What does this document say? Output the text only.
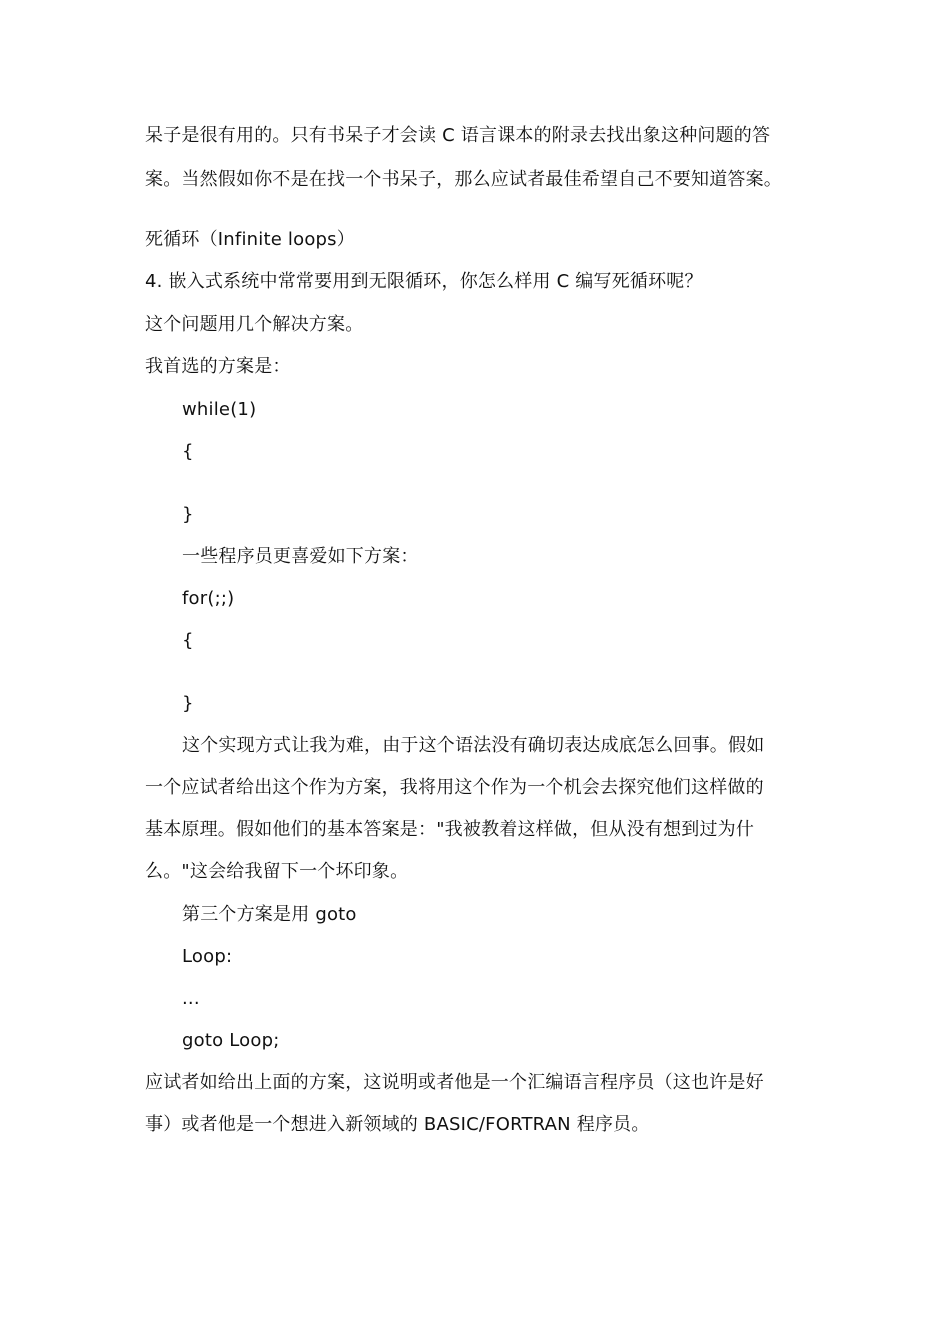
呆子是很有用的。只有书呆子才会读 C 语言课本的附录去找出象这种问题的答
案。当然假如你不是在找一个书呆子，那么应试者最佳希望自己不要知道答案。
死循环（Infinite loops）
4. 嵌入式系统中常常要用到无限循环，你怎么样用 C 编写死循环呢？
这个问题用几个解决方案。
我首选的方案是：
while(1)
{
}
一些程序员更喜爱如下方案：
for(;;)
{
}
这个实现方式让我为难，由于这个语法没有确切表达成底怎么回事。假如
一个应试者给出这个作为方案，我将用这个作为一个机会去探究他们这样做的
基本原理。假如他们的基本答案是："我被教着这样做，但从没有想到过为什
么。"这会给我留下一个坏印象。
第三个方案是用 goto
Loop:
...
goto Loop;
应试者如给出上面的方案，这说明或者他是一个汇编语言程序员（这也许是好
事）或者他是一个想进入新领域的 BASIC/FORTRAN 程序员。
